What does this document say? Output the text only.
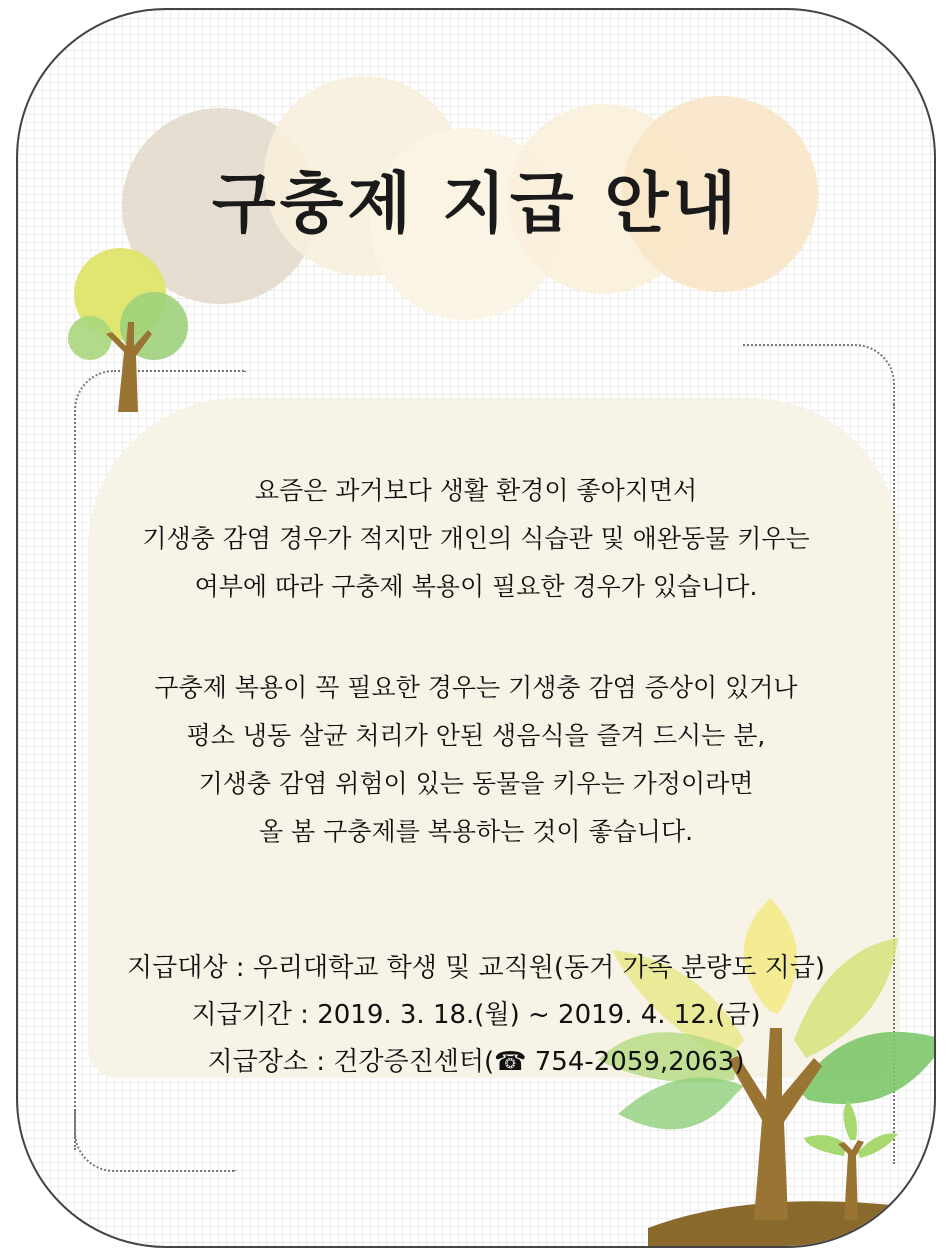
구충제 지급 안내

요즘은 과거보다 생활 환경이 좋아지면서

기생충 감염 경우가 적지만 개인의 식습관 및 애완동물 키우는

여부에 따라 구충제 복용이 필요한 경우가 있습니다.

구충제 복용이 꼭 필요한 경우는 기생충 감염 증상이 있거나

평소 냉동 살균 처리가 안된 생음식을 즐겨 드시는 분,

기생충 감염 위험이 있는 동물을 키우는 가정이라면

올 봄 구충제를 복용하는 것이 좋습니다.

지급대상 : 우리대학교 학생 및 교직원(동거 가족 분량도 지급)

지급기간 : 2019. 3. 18.(월) ~ 2019. 4. 12.(금)

지급장소 : 건강증진센터(☎ 754-2059,2063)
